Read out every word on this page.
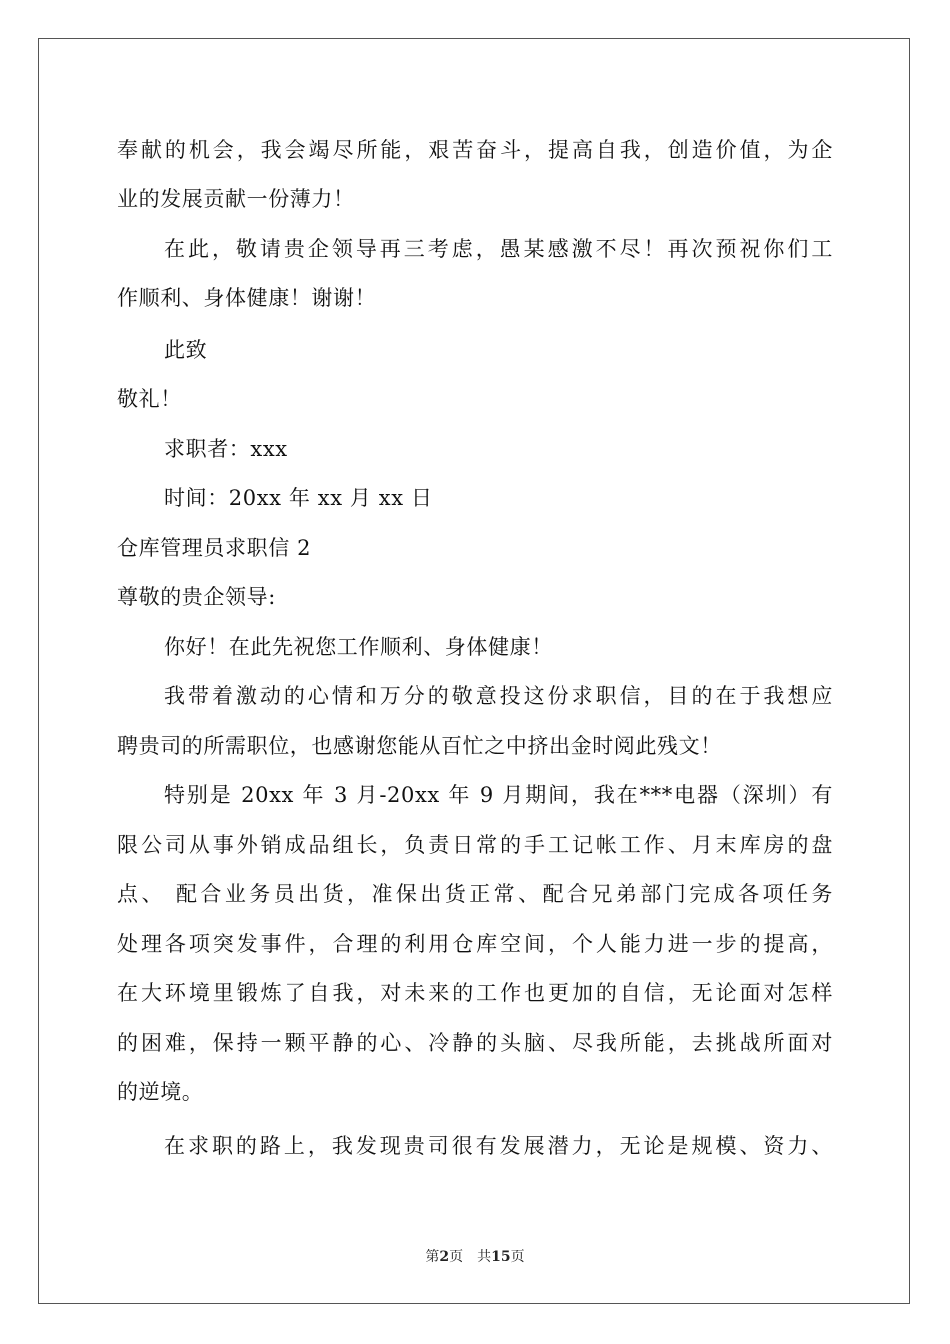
奉献的机会，我会竭尽所能，艰苦奋斗，提高自我，创造价值，为企
业的发展贡献一份薄力！
在此，敬请贵企领导再三考虑，愚某感激不尽！再次预祝你们工
作顺利、身体健康！谢谢！
此致
敬礼！
求职者：xxx
时间：20xx 年 xx 月 xx 日
仓库管理员求职信 2
尊敬的贵企领导:
你好！在此先祝您工作顺利、身体健康！
我带着激动的心情和万分的敬意投这份求职信，目的在于我想应
聘贵司的所需职位，也感谢您能从百忙之中挤出金时阅此残文！
特别是 20xx 年 3 月-20xx 年 9 月期间，我在***电器（深圳）有
限公司从事外销成品组长，负责日常的手工记帐工作、月末库房的盘
点、 配合业务员出货，准保出货正常、配合兄弟部门完成各项任务
处理各项突发事件，合理的利用仓库空间，个人能力进一步的提高，
在大环境里锻炼了自我，对未来的工作也更加的自信，无论面对怎样
的困难，保持一颗平静的心、冷静的头脑、尽我所能，去挑战所面对
的逆境。
在求职的路上，我发现贵司很有发展潜力，无论是规模、资力、
第2页　共15页
